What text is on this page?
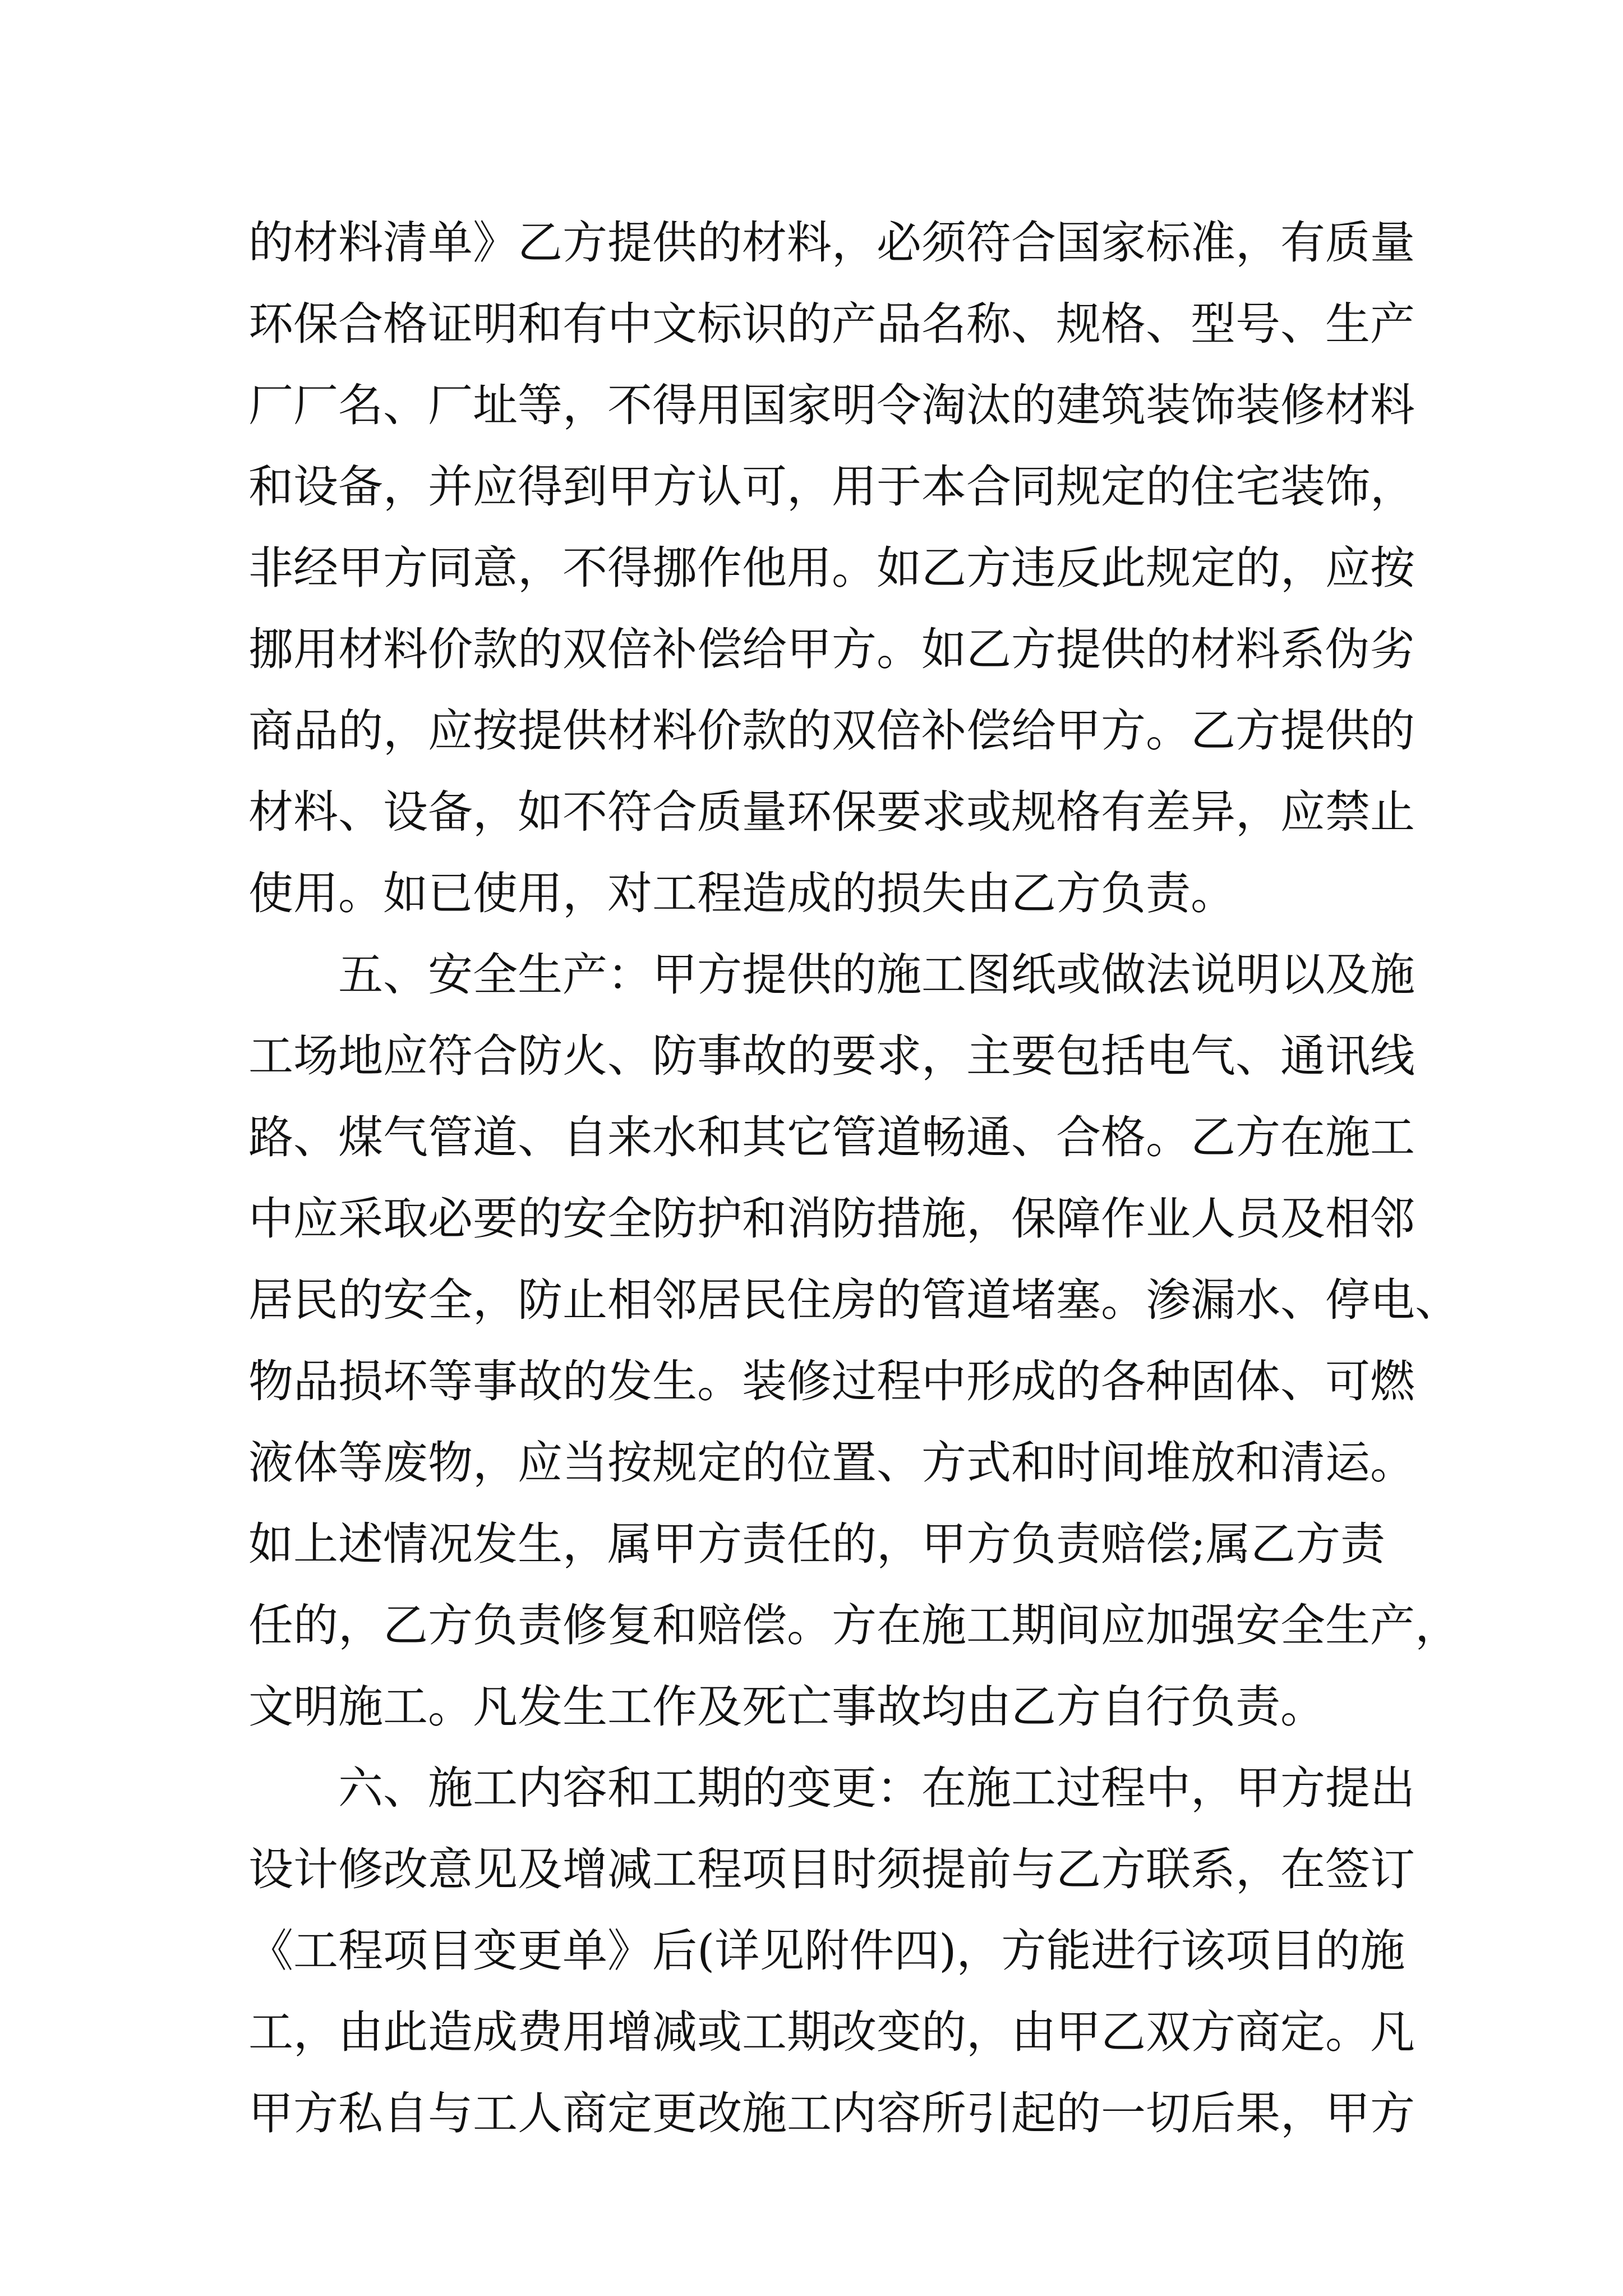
的材料清单》乙方提供的材料，必须符合国家标准，有质量
环保合格证明和有中文标识的产品名称、规格、型号、生产
厂厂名、厂址等，不得用国家明令淘汰的建筑装饰装修材料
和设备，并应得到甲方认可，用于本合同规定的住宅装饰，
非经甲方同意，不得挪作他用。如乙方违反此规定的，应按
挪用材料价款的双倍补偿给甲方。如乙方提供的材料系伪劣
商品的，应按提供材料价款的双倍补偿给甲方。乙方提供的
材料、设备，如不符合质量环保要求或规格有差异，应禁止
使用。如已使用，对工程造成的损失由乙方负责。
五、安全生产：甲方提供的施工图纸或做法说明以及施
工场地应符合防火、防事故的要求，主要包括电气、通讯线
路、煤气管道、自来水和其它管道畅通、合格。乙方在施工
中应采取必要的安全防护和消防措施，保障作业人员及相邻
居民的安全，防止相邻居民住房的管道堵塞。渗漏水、停电、
物品损坏等事故的发生。装修过程中形成的各种固体、可燃
液体等废物，应当按规定的位置、方式和时间堆放和清运。
如上述情况发生，属甲方责任的，甲方负责赔偿;属乙方责
任的，乙方负责修复和赔偿。方在施工期间应加强安全生产，
文明施工。凡发生工作及死亡事故均由乙方自行负责。
六、施工内容和工期的变更：在施工过程中，甲方提出
设计修改意见及增减工程项目时须提前与乙方联系，在签订
《工程项目变更单》后(详见附件四)，方能进行该项目的施
工，由此造成费用增减或工期改变的，由甲乙双方商定。凡
甲方私自与工人商定更改施工内容所引起的一切后果，甲方
